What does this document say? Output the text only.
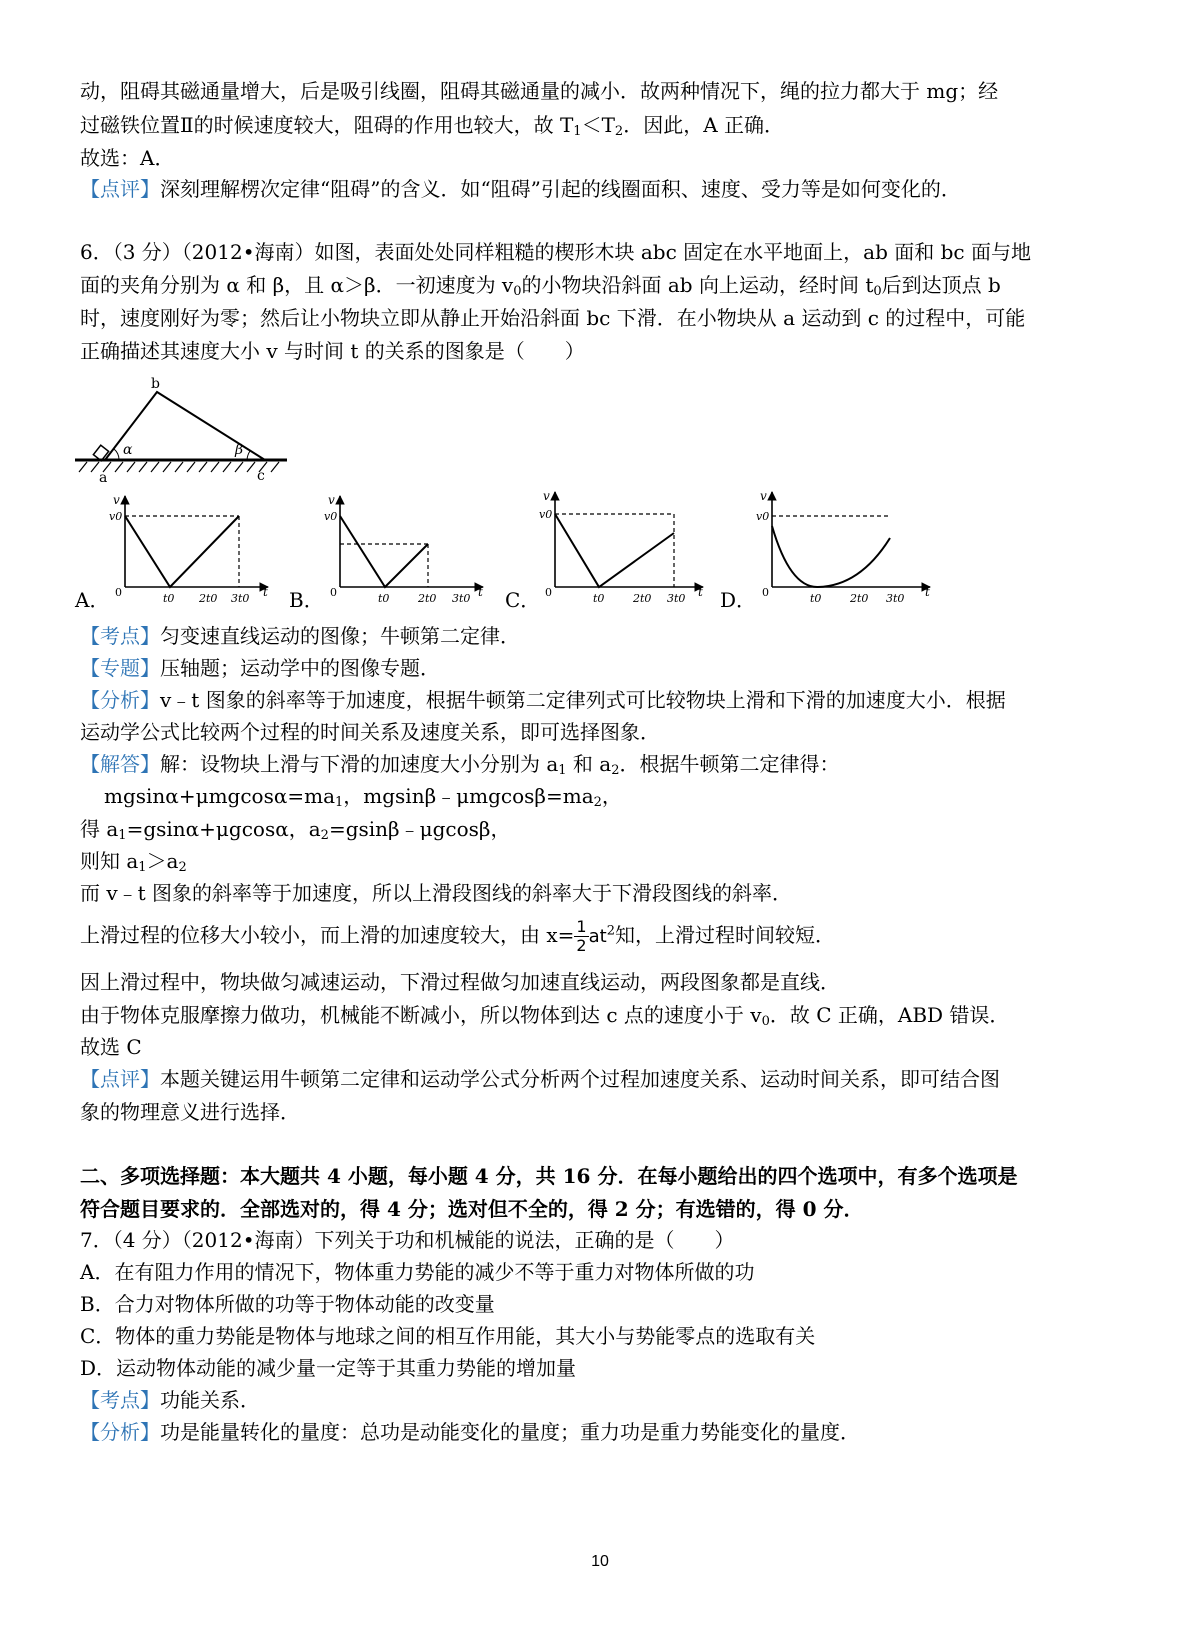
动，阻碍其磁通量增大，后是吸引线圈，阻碍其磁通量的减小．故两种情况下，绳的拉力都大于 mg；经
过磁铁位置Ⅱ的时候速度较大，阻碍的作用也较大，故 $T_1<T_2$．因此，A 正确．
故选：A．
【点评】深刻理解楞次定律“阻碍”的含义．如“阻碍”引起的线圈面积、速度、受力等是如何变化的．
6．（3 分）（2012•海南）如图，表面处处同样粗糙的楔形木块 abc 固定在水平地面上，ab 面和 bc 面与地
面的夹角分别为 α 和 β，且 α＞β．一初速度为 $v_0$的小物块沿斜面 ab 向上运动，经时间 $t_0$后到达顶点 b
时，速度刚好为零；然后让小物块立即从静止开始沿斜面 bc 下滑．在小物块从 a 运动到 c 的过程中，可能
正确描述其速度大小 v 与时间 t 的关系的图象是（　　）
b
α	β
a	c
A．	B．	C．	D．
v
v0
0	t0 2t0 3t0 t
v
v0
0	t0	2t0 3t0 t
v
v0
0	t0	2t0 3t0 t
v
v0
0	t0	2t0 3t0 t
【考点】匀变速直线运动的图像；牛顿第二定律．
【专题】压轴题；运动学中的图像专题．
【分析】v﹣t 图象的斜率等于加速度，根据牛顿第二定律列式可比较物块上滑和下滑的加速度大小．根据
运动学公式比较两个过程的时间关系及速度关系，即可选择图象．
【解答】解：设物块上滑与下滑的加速度大小分别为 $a_1$ 和 $a_2$．根据牛顿第二定律得：
$mgsin\alpha+\mu mgcos\alpha=ma_1$，$mgsin\beta﹣\mu mgcos\beta=ma_2$，
得 $a_1=gsin\alpha+\mu gcos\alpha$，$a_2=gsin\beta﹣\mu gcos\beta$，
则知 $a_1>a_2$
而 v﹣t 图象的斜率等于加速度，所以上滑段图线的斜率大于下滑段图线的斜率．
上滑过程的位移大小较小，而上滑的加速度较大，由 $x= \frac{1}{2} at^2$知，上滑过程时间较短．
因上滑过程中，物块做匀减速运动，下滑过程做匀加速直线运动，两段图象都是直线．
由于物体克服摩擦力做功，机械能不断减小，所以物体到达 c 点的速度小于 $v_0$．故 C 正确，ABD 错误．
故选 C
【点评】本题关键运用牛顿第二定律和运动学公式分析两个过程加速度关系、运动时间关系，即可结合图
象的物理意义进行选择．
二、多项选择题：本大题共 4 小题，每小题 4 分，共 16 分．在每小题给出的四个选项中，有多个选项是
符合题目要求的．全部选对的，得 4 分；选对但不全的，得 2 分；有选错的，得 0 分．
7．（4 分）（2012•海南）下列关于功和机械能的说法，正确的是（　　）
A．在有阻力作用的情况下，物体重力势能的减少不等于重力对物体所做的功
B．合力对物体所做的功等于物体动能的改变量
C．物体的重力势能是物体与地球之间的相互作用能，其大小与势能零点的选取有关
D．运动物体动能的减少量一定等于其重力势能的增加量
【考点】功能关系．
【分析】功是能量转化的量度：总功是动能变化的量度；重力功是重力势能变化的量度．
10
